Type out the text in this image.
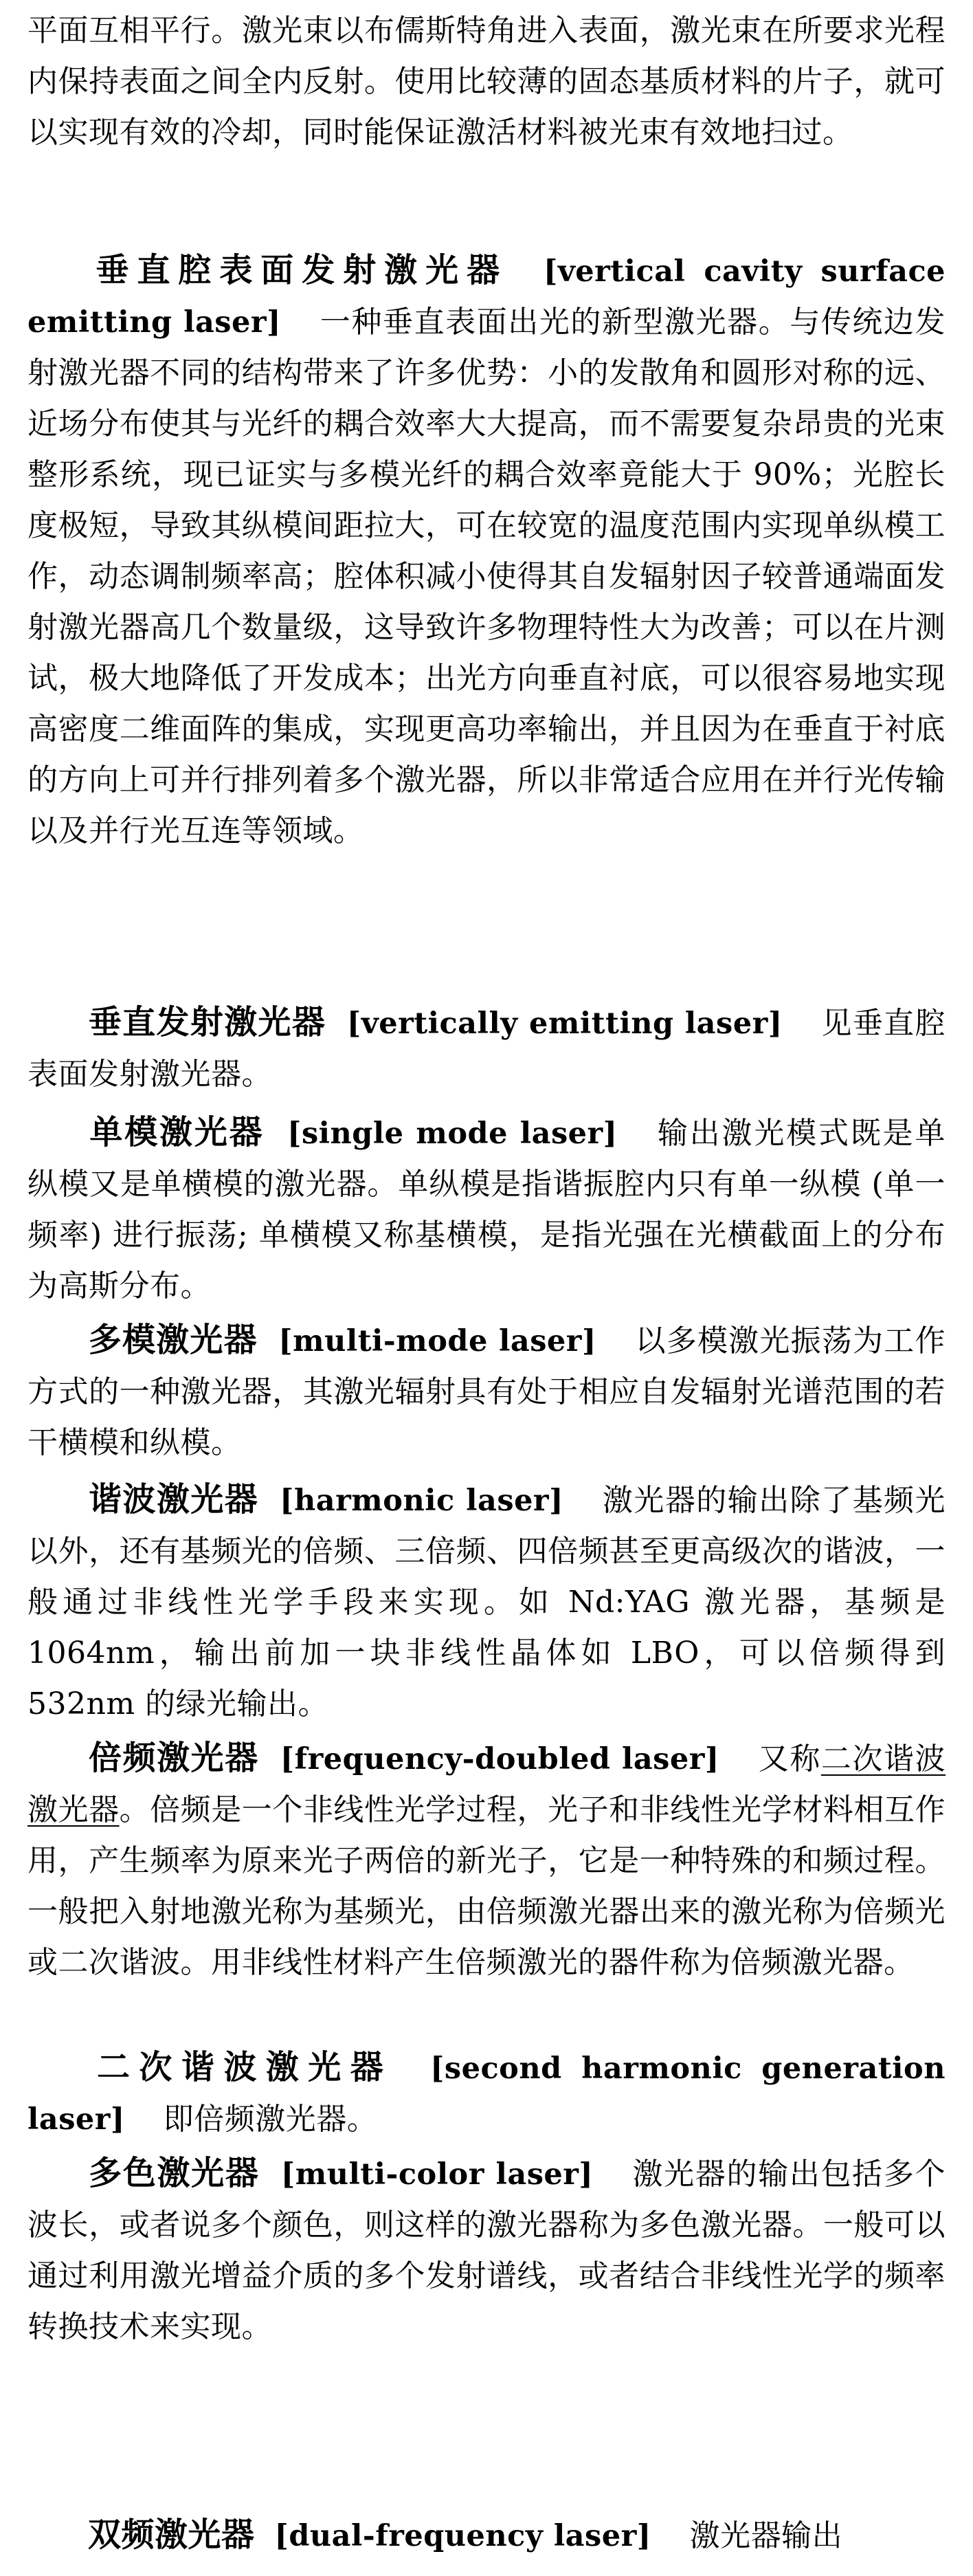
平面互相平行。激光束以布儒斯特角进入表面，激光束在所要求光程内保持表面之间全内反射。使用比较薄的固态基质材料的片子，就可以实现有效的冷却，同时能保证激活材料被光束有效地扫过。
垂直腔表面发射激光器 [vertical cavity surface emitting laser] 一种垂直表面出光的新型激光器。与传统边发射激光器不同的结构带来了许多优势：小的发散角和圆形对称的远、近场分布使其与光纤的耦合效率大大提高，而不需要复杂昂贵的光束整形系统，现已证实与多模光纤的耦合效率竟能大于 90%；光腔长度极短，导致其纵模间距拉大，可在较宽的温度范围内实现单纵模工作，动态调制频率高；腔体积减小使得其自发辐射因子较普通端面发射激光器高几个数量级，这导致许多物理特性大为改善；可以在片测试，极大地降低了开发成本；出光方向垂直衬底，可以很容易地实现高密度二维面阵的集成，实现更高功率输出，并且因为在垂直于衬底的方向上可并行排列着多个激光器，所以非常适合应用在并行光传输以及并行光互连等领域。
垂直发射激光器 [vertically emitting laser] 见垂直腔表面发射激光器。
单模激光器 [single mode laser] 输出激光模式既是单纵模又是单横模的激光器。单纵模是指谐振腔内只有单一纵模 (单一频率) 进行振荡; 单横模又称基横模，是指光强在光横截面上的分布为高斯分布。
多模激光器 [multi-mode laser] 以多模激光振荡为工作方式的一种激光器，其激光辐射具有处于相应自发辐射光谱范围的若干横模和纵模。
谐波激光器 [harmonic laser] 激光器的输出除了基频光以外，还有基频光的倍频、三倍频、四倍频甚至更高级次的谐波，一般通过非线性光学手段来实现。如 Nd:YAG 激光器，基频是 1064nm，输出前加一块非线性晶体如 LBO，可以倍频得到 532nm 的绿光输出。
倍频激光器 [frequency-doubled laser] 又称二次谐波激光器。倍频是一个非线性光学过程，光子和非线性光学材料相互作用，产生频率为原来光子两倍的新光子，它是一种特殊的和频过程。一般把入射地激光称为基频光，由倍频激光器出来的激光称为倍频光或二次谐波。用非线性材料产生倍频激光的器件称为倍频激光器。
二次谐波激光器 [second harmonic generation laser] 即倍频激光器。
多色激光器 [multi-color laser] 激光器的输出包括多个波长，或者说多个颜色，则这样的激光器称为多色激光器。一般可以通过利用激光增益介质的多个发射谱线，或者结合非线性光学的频率转换技术来实现。
双频激光器 [dual-frequency laser] 激光器输出
